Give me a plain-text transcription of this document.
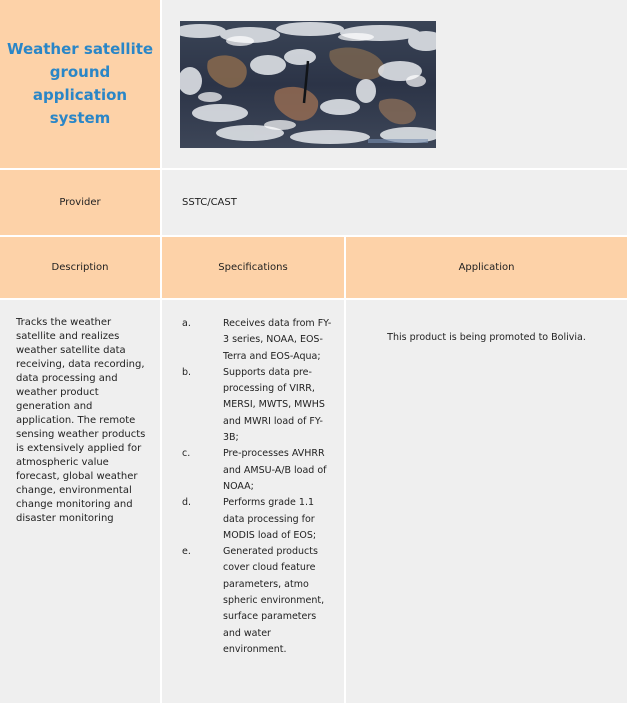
Weather satellite ground application system
Provider	SSTC/CAST
Description	Specifications	Application

Tracks the weather satellite and realizes weather satellite data receiving, data recording, data processing and weather product generation and application. The remote sensing weather products is extensively applied for atmospheric value forecast, global weather change, environmental change monitoring and disaster monitoring

a.	Receives data from FY-3 series, NOAA, EOS-Terra and EOS-Aqua;
b.	Supports data pre-processing of VIRR, MERSI, MWTS, MWHS and MWRI load of FY-3B;
c.	Pre-processes AVHRR and AMSU-A/B load of NOAA;
d.	Performs grade 1.1 data processing for MODIS load of EOS;
e.	Generated products cover cloud feature parameters, atmo spheric environment, surface parameters and water environment.

This product is being promoted to Bolivia.
